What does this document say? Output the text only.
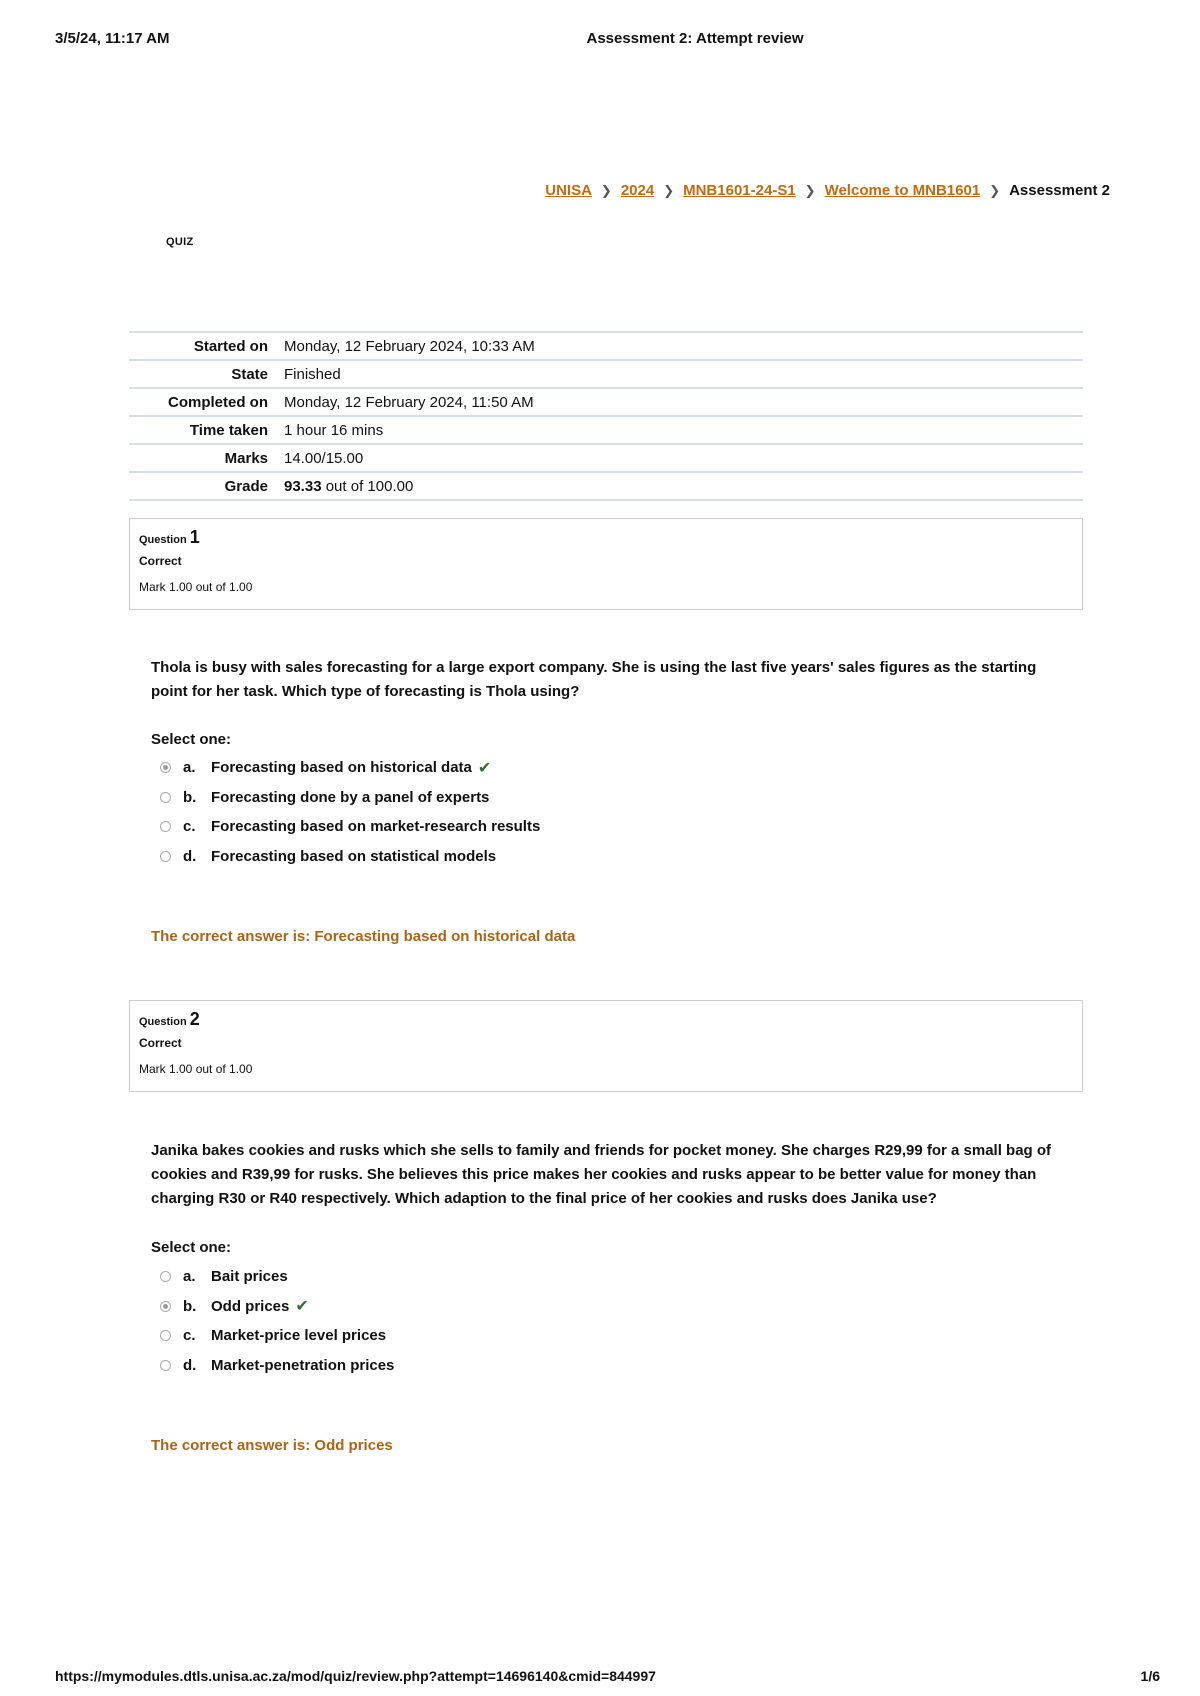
3/5/24, 11:17 AM	Assessment 2: Attempt review
UNISA ❯ 2024 ❯ MNB1601-24-S1 ❯ Welcome to MNB1601 ❯ Assessment 2
QUIZ
Started on	Monday, 12 February 2024, 10:33 AM
State	Finished
Completed on	Monday, 12 February 2024, 11:50 AM
Time taken	1 hour 16 mins
Marks	14.00/15.00
Grade	93.33 out of 100.00
Question 1
Correct
Mark 1.00 out of 1.00
Thola is busy with sales forecasting for a large export company. She is using the last five years' sales figures as the starting point for her task. Which type of forecasting is Thola using?
Select one:
a.	Forecasting based on historical data ✔
b. Forecasting done by a panel of experts
c.	Forecasting based on market-research results
d. Forecasting based on statistical models
The correct answer is: Forecasting based on historical data
Question 2
Correct
Mark 1.00 out of 1.00
Janika bakes cookies and rusks which she sells to family and friends for pocket money. She charges R29,99 for a small bag of cookies and R39,99 for rusks. She believes this price makes her cookies and rusks appear to be better value for money than charging R30 or R40 respectively. Which adaption to the final price of her cookies and rusks does Janika use?
Select one:
a.	Bait prices
b. Odd prices ✔
c.	Market-price level prices
d. Market-penetration prices
The correct answer is: Odd prices
https://mymodules.dtls.unisa.ac.za/mod/quiz/review.php?attempt=14696140&cmid=844997	1/6
